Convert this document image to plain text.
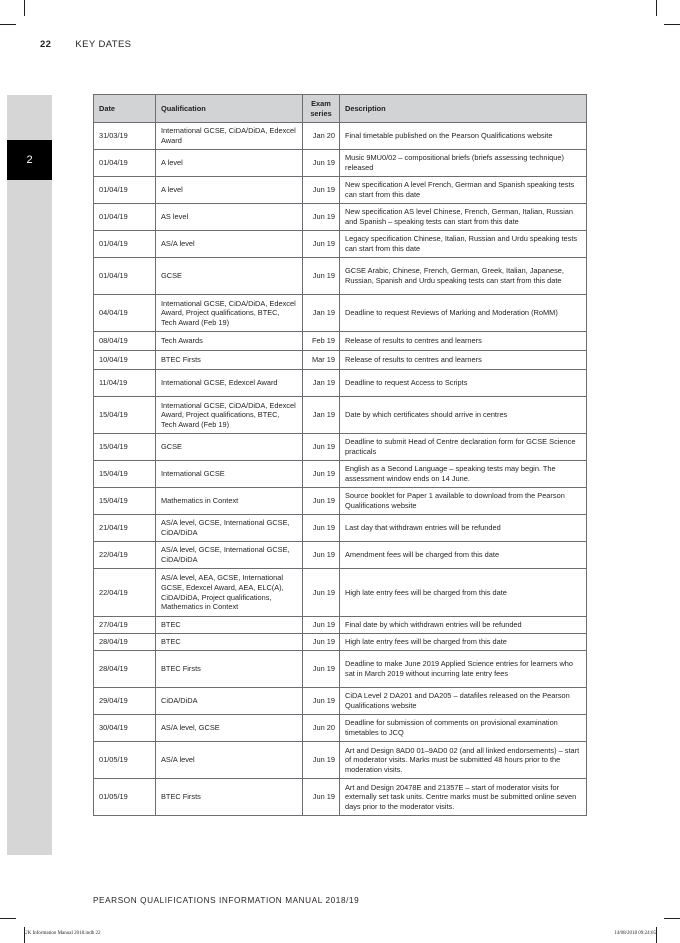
22	KEY DATES
2
Date	Qualification	Exam series	Description
31/03/19	International GCSE, CiDA/DiDA, Edexcel Award	Jan 20	Final timetable published on the Pearson Qualifications website
01/04/19	A level	Jun 19	Music 9MU0/02 – compositional briefs (briefs assessing technique) released
01/04/19	A level	Jun 19	New specification A level French, German and Spanish speaking tests can start from this date
01/04/19	AS level	Jun 19	New specification AS level Chinese, French, German, Italian, Russian and Spanish – speaking tests can start from this date
01/04/19	AS/A level	Jun 19	Legacy specification Chinese, Italian, Russian and Urdu speaking tests can start from this date
01/04/19	GCSE	Jun 19	GCSE Arabic, Chinese, French, German, Greek, Italian, Japanese, Russian, Spanish and Urdu speaking tests can start from this date
04/04/19	International GCSE, CiDA/DiDA, Edexcel Award, Project qualifications, BTEC, Tech Award (Feb 19)	Jan 19	Deadline to request Reviews of Marking and Moderation (RoMM)
08/04/19	Tech Awards	Feb 19	Release of results to centres and learners
10/04/19	BTEC Firsts	Mar 19	Release of results to centres and learners
11/04/19	International GCSE, Edexcel Award	Jan 19	Deadline to request Access to Scripts
15/04/19	International GCSE, CiDA/DiDA, Edexcel Award, Project qualifications, BTEC, Tech Award (Feb 19)	Jan 19	Date by which certificates should arrive in centres
15/04/19	GCSE	Jun 19	Deadline to submit Head of Centre declaration form for GCSE Science practicals
15/04/19	International GCSE	Jun 19	English as a Second Language – speaking tests may begin. The assessment window ends on 14 June.
15/04/19	Mathematics in Context	Jun 19	Source booklet for Paper 1 available to download from the Pearson Qualifications website
21/04/19	AS/A level, GCSE, International GCSE, CiDA/DiDA	Jun 19	Last day that withdrawn entries will be refunded
22/04/19	AS/A level, GCSE, International GCSE, CiDA/DiDA	Jun 19	Amendment fees will be charged from this date
22/04/19	AS/A level, AEA, GCSE, International GCSE, Edexcel Award, AEA, ELC(A), CiDA/DiDA, Project qualifications, Mathematics in Context	Jun 19	High late entry fees will be charged from this date
27/04/19	BTEC	Jun 19	Final date by which withdrawn entries will be refunded
28/04/19	BTEC	Jun 19	High late entry fees will be charged from this date
28/04/19	BTEC Firsts	Jun 19	Deadline to make June 2019 Applied Science entries for learners who sat in March 2019 without incurring late entry fees
29/04/19	CiDA/DiDA	Jun 19	CiDA Level 2 DA201 and DA205 – datafiles released on the Pearson Qualifications website
30/04/19	AS/A level, GCSE	Jun 20	Deadline for submission of comments on provisional examination timetables to JCQ
01/05/19	AS/A level	Jun 19	Art and Design 8AD0 01–9AD0 02 (and all linked endorsements) – start of moderator visits. Marks must be submitted 48 hours prior to the moderation visits.
01/05/19	BTEC Firsts	Jun 19	Art and Design 20478E and 21357E – start of moderator visits for externally set task units. Centre marks must be submitted online seven days prior to the moderator visits.
PEARSON QUALIFICATIONS INFORMATION MANUAL 2018/19
UK Information Manual 2018.indb 22	14/08/2018 09:24:05
